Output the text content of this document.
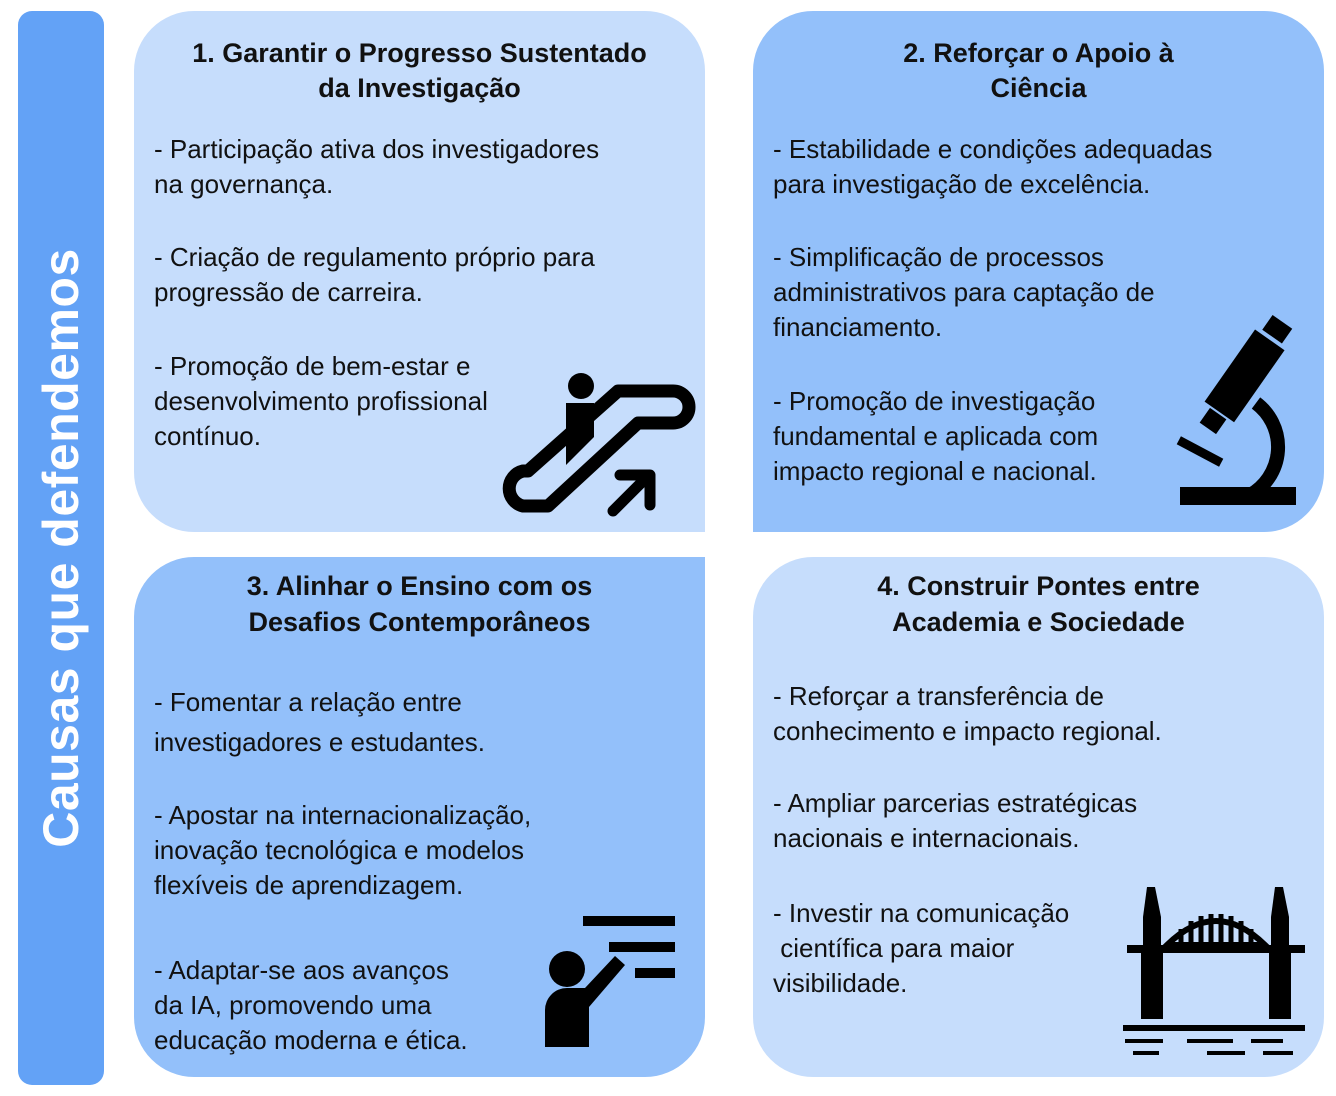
Causas que defendemos
1. Garantir o Progresso Sustentado
da Investigação
- Participação ativa dos investigadores
na governança.
- Criação de regulamento próprio para
progressão de carreira.
- Promoção de bem-estar e
desenvolvimento profissional
contínuo.
2. Reforçar o Apoio à
Ciência
- Estabilidade e condições adequadas
para investigação de excelência.
- Simplificação de processos
administrativos para captação de
financiamento.
- Promoção de investigação
fundamental e aplicada com
impacto regional e nacional.
3. Alinhar o Ensino com os
Desafios Contemporâneos
- Fomentar a relação entre
investigadores e estudantes.
- Apostar na internacionalização,
inovação tecnológica e modelos
flexíveis de aprendizagem.
- Adaptar-se aos avanços
da IA, promovendo uma
educação moderna e ética.
4. Construir Pontes entre
Academia e Sociedade
- Reforçar a transferência de
conhecimento e impacto regional.
- Ampliar parcerias estratégicas
nacionais e internacionais.
- Investir na comunicação
científica para maior
visibilidade.
